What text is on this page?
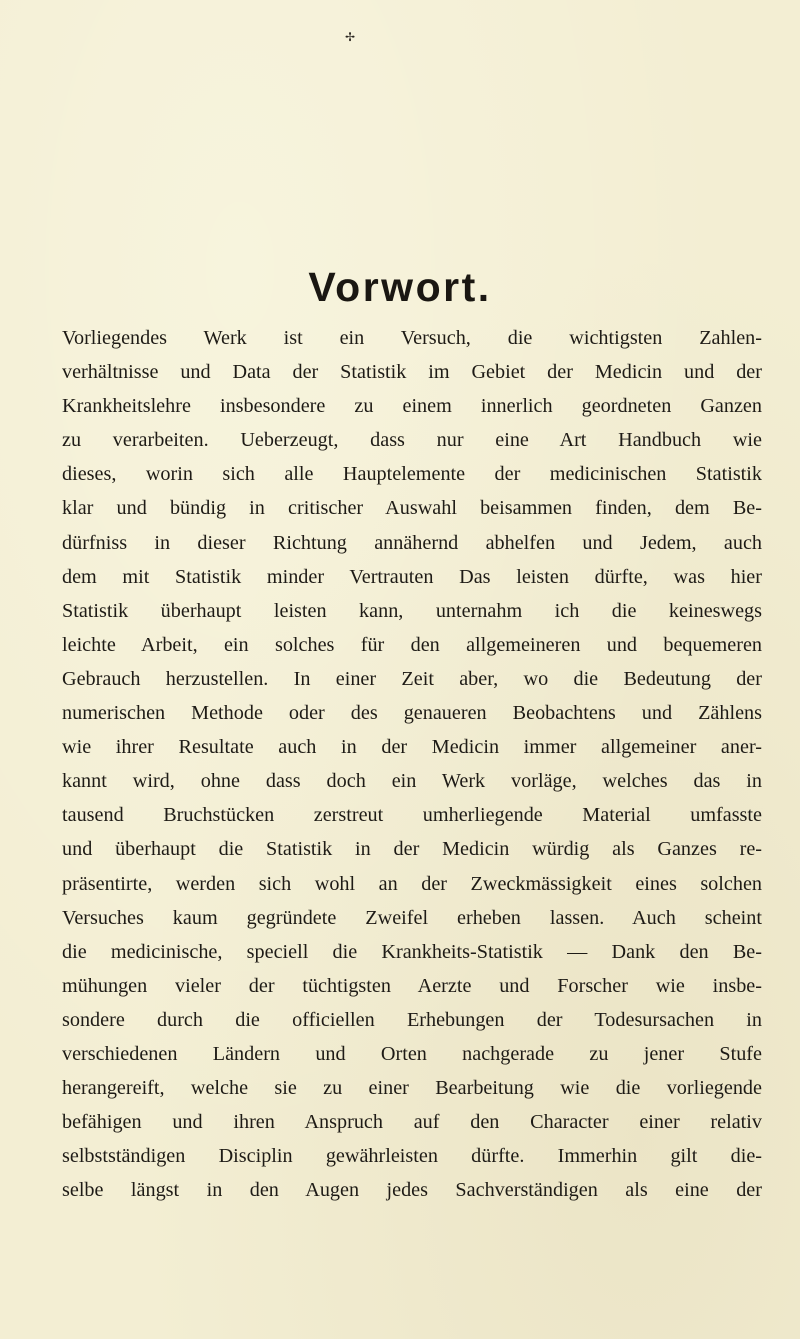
✢
Vorwort.
Vorliegendes Werk ist ein Versuch, die wichtigsten Zahlen-
verhältnisse und Data der Statistik im Gebiet der Medicin und der
Krankheitslehre insbesondere zu einem innerlich geordneten Ganzen
zu verarbeiten. Ueberzeugt, dass nur eine Art Handbuch wie
dieses, worin sich alle Hauptelemente der medicinischen Statistik
klar und bündig in critischer Auswahl beisammen finden, dem Be-
dürfniss in dieser Richtung annähernd abhelfen und Jedem, auch
dem mit Statistik minder Vertrauten Das leisten dürfte, was hier
Statistik überhaupt leisten kann, unternahm ich die keineswegs
leichte Arbeit, ein solches für den allgemeineren und bequemeren
Gebrauch herzustellen. In einer Zeit aber, wo die Bedeutung der
numerischen Methode oder des genaueren Beobachtens und Zählens
wie ihrer Resultate auch in der Medicin immer allgemeiner aner-
kannt wird, ohne dass doch ein Werk vorläge, welches das in
tausend Bruchstücken zerstreut umherliegende Material umfasste
und überhaupt die Statistik in der Medicin würdig als Ganzes re-
präsentirte, werden sich wohl an der Zweckmässigkeit eines solchen
Versuches kaum gegründete Zweifel erheben lassen. Auch scheint
die medicinische, speciell die Krankheits-Statistik — Dank den Be-
mühungen vieler der tüchtigsten Aerzte und Forscher wie insbe-
sondere durch die officiellen Erhebungen der Todesursachen in
verschiedenen Ländern und Orten nachgerade zu jener Stufe
herangereift, welche sie zu einer Bearbeitung wie die vorliegende
befähigen und ihren Anspruch auf den Character einer relativ
selbstständigen Disciplin gewährleisten dürfte. Immerhin gilt die-
selbe längst in den Augen jedes Sachverständigen als eine der
